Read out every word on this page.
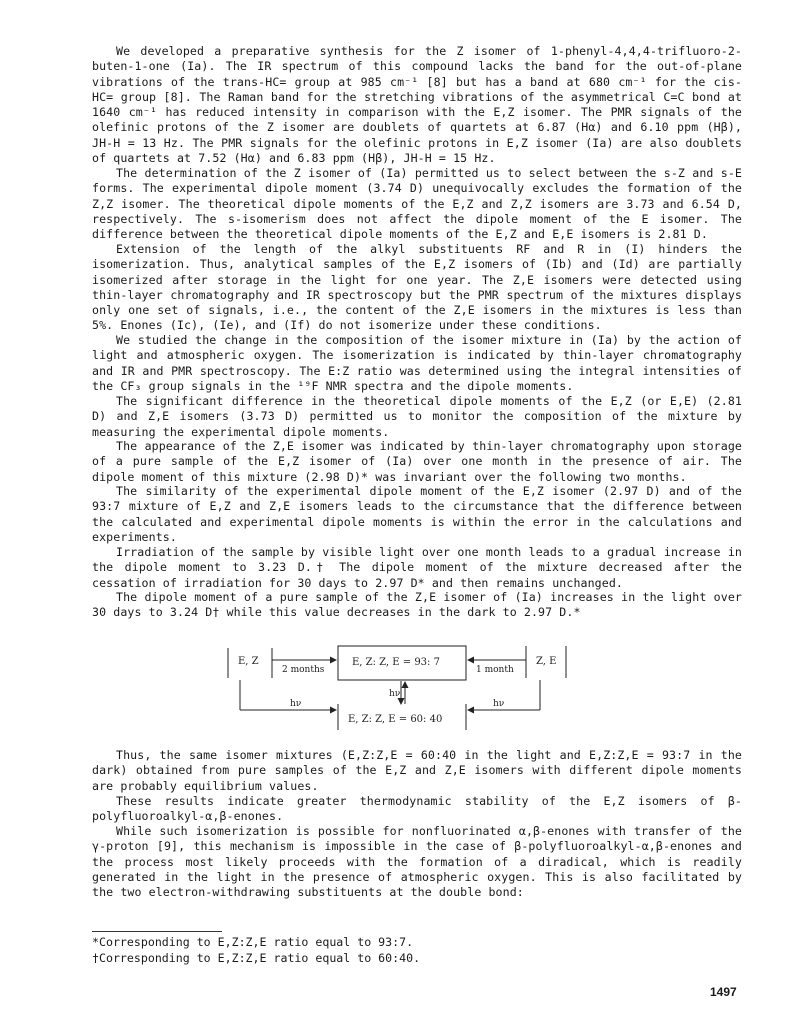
We developed a preparative synthesis for the Z isomer of 1-phenyl-4,4,4-trifluoro-2-buten-1-one (Ia). The IR spectrum of this compound lacks the band for the out-of-plane vibrations of the trans-HC= group at 985 cm⁻¹ [8] but has a band at 680 cm⁻¹ for the cis-HC= group [8]. The Raman band for the stretching vibrations of the asymmetrical C=C bond at 1640 cm⁻¹ has reduced intensity in comparison with the E,Z isomer. The PMR signals of the olefinic protons of the Z isomer are doublets of quartets at 6.87 (Hα) and 6.10 ppm (Hβ), JH-H = 13 Hz. The PMR signals for the olefinic protons in E,Z isomer (Ia) are also doublets of quartets at 7.52 (Hα) and 6.83 ppm (Hβ), JH-H = 15 Hz.

The determination of the Z isomer of (Ia) permitted us to select between the s-Z and s-E forms. The experimental dipole moment (3.74 D) unequivocally excludes the formation of the Z,Z isomer. The theoretical dipole moments of the E,Z and Z,Z isomers are 3.73 and 6.54 D, respectively. The s-isomerism does not affect the dipole moment of the E isomer. The difference between the theoretical dipole moments of the E,Z and E,E isomers is 2.81 D.

Extension of the length of the alkyl substituents RF and R in (I) hinders the isomerization. Thus, analytical samples of the E,Z isomers of (Ib) and (Id) are partially isomerized after storage in the light for one year. The Z,E isomers were detected using thin-layer chromatography and IR spectroscopy but the PMR spectrum of the mixtures displays only one set of signals, i.e., the content of the Z,E isomers in the mixtures is less than 5%. Enones (Ic), (Ie), and (If) do not isomerize under these conditions.

We studied the change in the composition of the isomer mixture in (Ia) by the action of light and atmospheric oxygen. The isomerization is indicated by thin-layer chromatography and IR and PMR spectroscopy. The E:Z ratio was determined using the integral intensities of the CF₃ group signals in the ¹⁹F NMR spectra and the dipole moments.

The significant difference in the theoretical dipole moments of the E,Z (or E,E) (2.81 D) and Z,E isomers (3.73 D) permitted us to monitor the composition of the mixture by measuring the experimental dipole moments.

The appearance of the Z,E isomer was indicated by thin-layer chromatography upon storage of a pure sample of the E,Z isomer of (Ia) over one month in the presence of air. The dipole moment of this mixture (2.98 D)* was invariant over the following two months.

The similarity of the experimental dipole moment of the E,Z isomer (2.97 D) and of the 93:7 mixture of E,Z and Z,E isomers leads to the circumstance that the difference between the calculated and experimental dipole moments is within the error in the calculations and experiments.

Irradiation of the sample by visible light over one month leads to a gradual increase in the dipole moment to 3.23 D.† The dipole moment of the mixture decreased after the cessation of irradiation for 30 days to 2.97 D* and then remains unchanged.

The dipole moment of a pure sample of the Z,E isomer of (Ia) increases in the light over 30 days to 3.24 D† while this value decreases in the dark to 2.97 D.*

E, Z
2 months
E, Z: Z, E = 93: 7
1 month
Z, E
hν
hν	hν
E, Z: Z, E = 60: 40

Thus, the same isomer mixtures (E,Z:Z,E = 60:40 in the light and E,Z:Z,E = 93:7 in the dark) obtained from pure samples of the E,Z and Z,E isomers with different dipole moments are probably equilibrium values.

These results indicate greater thermodynamic stability of the E,Z isomers of β-polyfluoroalkyl-α,β-enones.

While such isomerization is possible for nonfluorinated α,β-enones with transfer of the γ-proton [9], this mechanism is impossible in the case of β-polyfluoroalkyl-α,β-enones and the process most likely proceeds with the formation of a diradical, which is readily generated in the light in the presence of atmospheric oxygen. This is also facilitated by the two electron-withdrawing substituents at the double bond:

*Corresponding to E,Z:Z,E ratio equal to 93:7.

†Corresponding to E,Z:Z,E ratio equal to 60:40.

1497
